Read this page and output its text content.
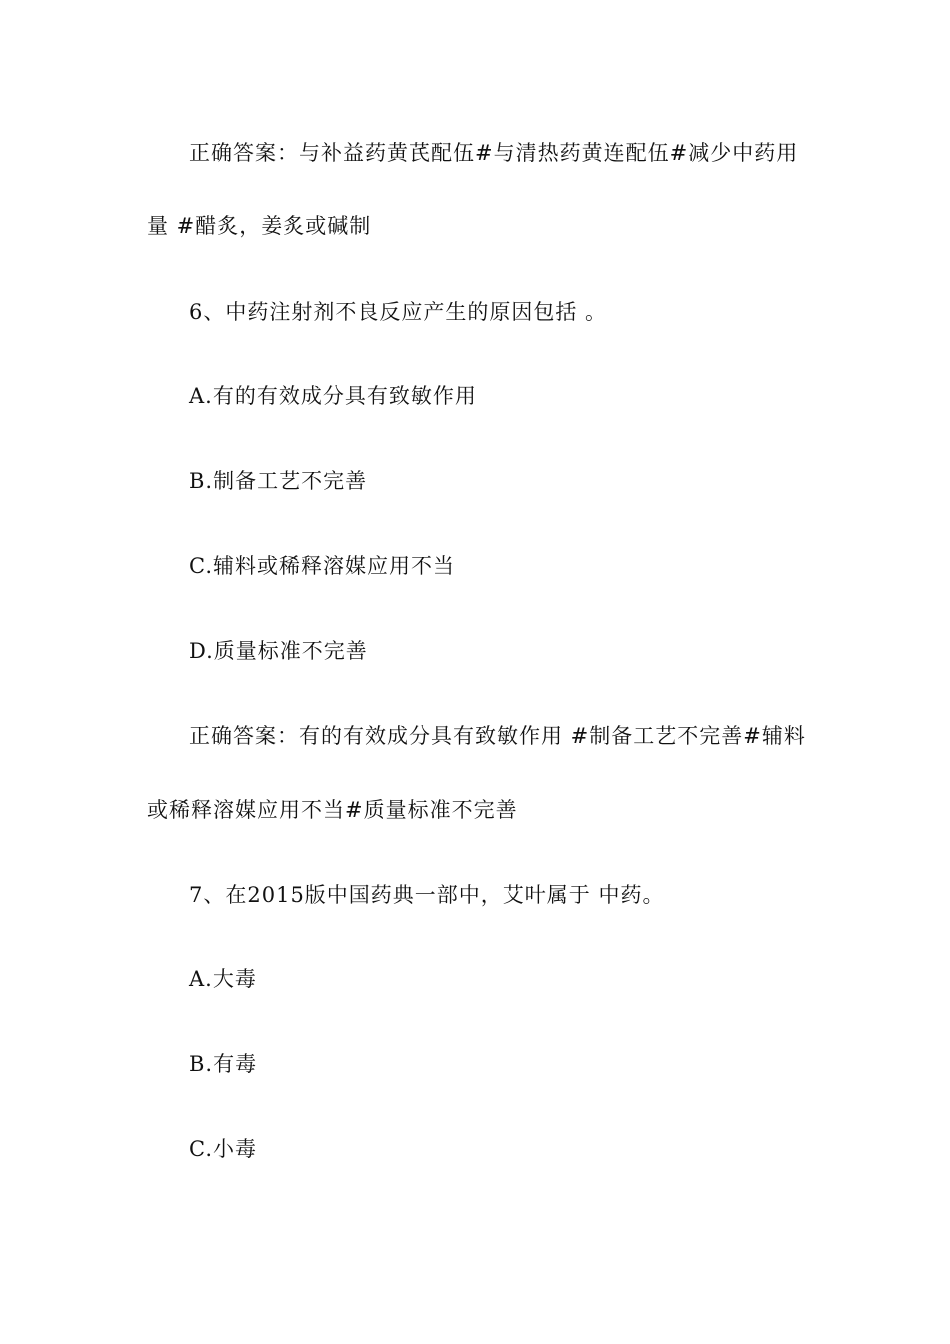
正确答案：与补益药黄芪配伍#与清热药黄连配伍#减少中药用
量 #醋炙，姜炙或碱制
6、中药注射剂不良反应产生的原因包括 。
A.有的有效成分具有致敏作用
B.制备工艺不完善
C.辅料或稀释溶媒应用不当
D.质量标准不完善
正确答案：有的有效成分具有致敏作用 #制备工艺不完善#辅料
或稀释溶媒应用不当#质量标准不完善
7、在2015版中国药典一部中，艾叶属于 中药。
A.大毒
B.有毒
C.小毒
